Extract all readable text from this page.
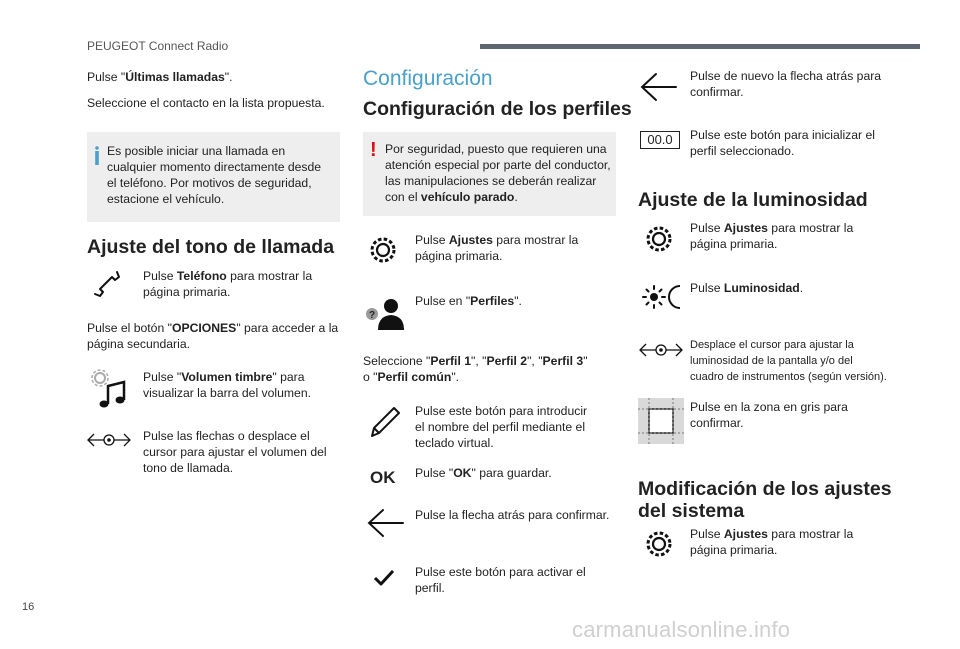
PEUGEOT Connect Radio
Pulse "Últimas llamadas".
Seleccione el contacto en la lista propuesta.
Es posible iniciar una llamada en
cualquier momento directamente desde
el teléfono. Por motivos de seguridad,
estacione el vehículo.
Ajuste del tono de llamada
Pulse Teléfono para mostrar la
página primaria.
Pulse el botón "OPCIONES" para acceder a la
página secundaria.
Pulse "Volumen timbre" para
visualizar la barra del volumen.
Pulse las flechas o desplace el
cursor para ajustar el volumen del
tono de llamada.
Configuración
Configuración de los perfiles
! Por seguridad, puesto que requieren una
atención especial por parte del conductor,
las manipulaciones se deberán realizar
con el vehículo parado.
Pulse Ajustes para mostrar la
página primaria.
?
Pulse en "Perfiles".
Seleccione "Perfil 1", "Perfil 2", "Perfil 3"
o "Perfil común".
Pulse este botón para introducir
el nombre del perfil mediante el
teclado virtual.
OK Pulse "OK" para guardar.
Pulse la flecha atrás para confirmar.
Pulse este botón para activar el
perfil.
Pulse de nuevo la flecha atrás para
confirmar.
00.0	Pulse este botón para inicializar el
perfil seleccionado.
Ajuste de la luminosidad
Pulse Ajustes para mostrar la
página primaria.
Pulse Luminosidad.
Desplace el cursor para ajustar la
luminosidad de la pantalla y/o del
cuadro de instrumentos (según versión).
Pulse en la zona en gris para
confirmar.
Modificación de los ajustes
del sistema
Pulse Ajustes para mostrar la
página primaria.
16
carmanualsonline.info
